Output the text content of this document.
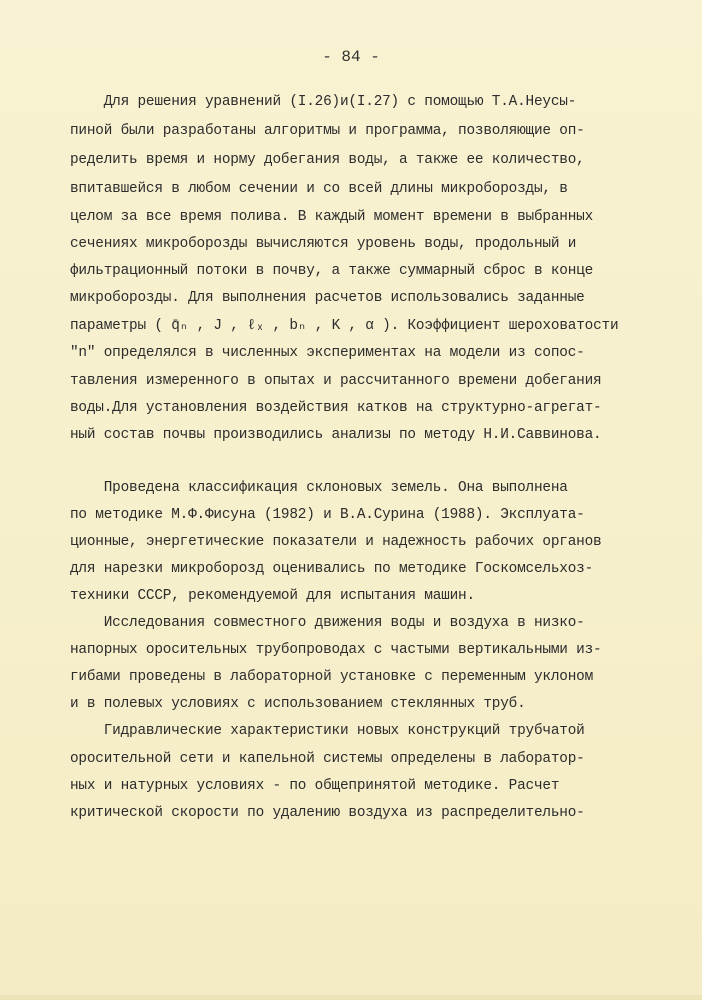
- 84 -
Для решения уравнений (I.26)и(I.27) с помощью Т.А.Неусы-
пиной были разработаны алгоритмы и программа, позволяющие оп-
ределить время и норму добегания воды, а также ее количество,
впитавшейся в любом сечении и со всей длины микроборозды, в
целом за все время полива. В каждый момент времени в выбранных
сечениях микроборозды вычисляются уровень воды, продольный и
фильтрационный потоки в почву, а также суммарный сброс в конце
микроборозды. Для выполнения расчетов использовались заданные
параметры ( q̄ₙ , J , ℓₓ , bₙ , K , α ). Коэффициент шероховатости
"n" определялся в численных экспериментах на модели из сопос-
тавления измеренного в опытах и рассчитанного времени добегания
воды.Для установления воздействия катков на структурно-агрегат-
ный состав почвы производились анализы по методу Н.И.Саввинова.
Проведена классификация склоновых земель. Она выполнена
по методике М.Ф.Фисуна (1982) и В.А.Сурина (1988). Эксплуата-
ционные, энергетические показатели и надежность рабочих органов
для нарезки микроборозд оценивались по методике Госкомсельхоз-
техники СССР, рекомендуемой для испытания машин.
Исследования совместного движения воды и воздуха в низко-
напорных оросительных трубопроводах с частыми вертикальными из-
гибами проведены в лабораторной установке с переменным уклоном
и в полевых условиях с использованием стеклянных труб.
Гидравлические характеристики новых конструкций трубчатой
оросительной сети и капельной системы определены в лаборатор-
ных и натурных условиях - по общепринятой методике. Расчет
критической скорости по удалению воздуха из распределительно-
